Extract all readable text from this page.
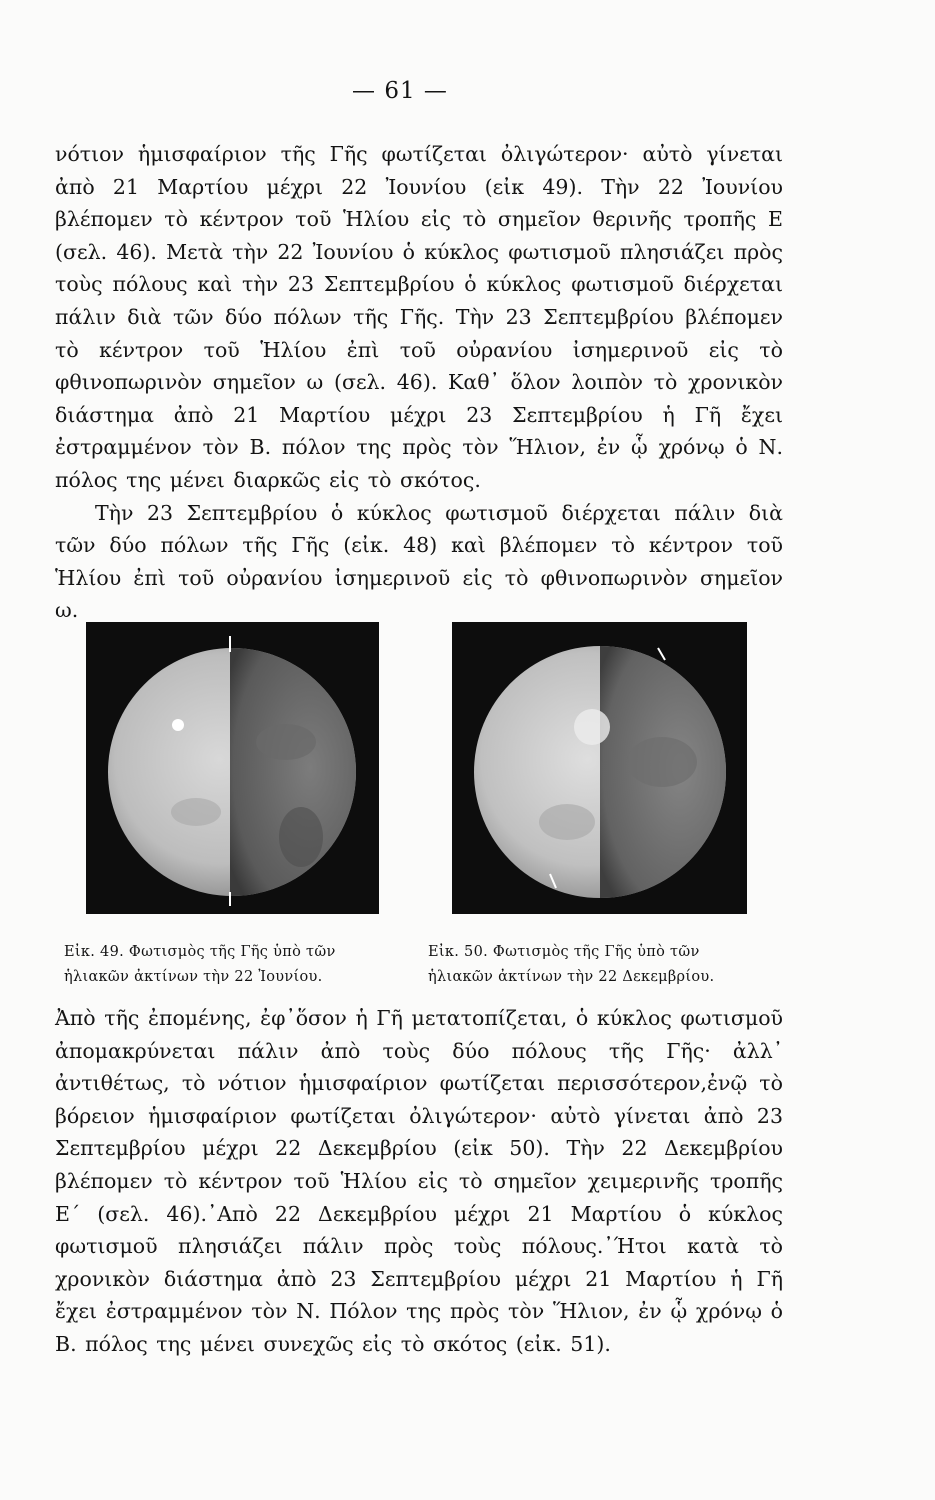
— 61 —

νότιον ἡμισφαίριον τῆς Γῆς φωτίζεται ὀλιγώτερον· αὐτὸ γίνεται ἀπὸ 21 Μαρτίου μέχρι 22 Ἰουνίου (εἰκ 49). Τὴν 22 Ἰουνίου βλέπομεν τὸ κέντρον τοῦ Ἡλίου εἰς τὸ σημεῖον θερινῆς τροπῆς Ε (σελ. 46). Μετὰ τὴν 22 Ἰουνίου ὁ κύκλος φωτισμοῦ πλησιάζει πρὸς τοὺς πόλους καὶ τὴν 23 Σεπτεμβρίου ὁ κύκλος φωτισμοῦ διέρχεται πάλιν διὰ τῶν δύο πόλων τῆς Γῆς. Τὴν 23 Σεπτεμβρίου βλέπομεν τὸ κέντρον τοῦ Ἡλίου ἐπὶ τοῦ οὐρανίου ἰσημερινοῦ εἰς τὸ φθινοπωρινὸν σημεῖον ω (σελ. 46). Καθ᾽ ὅλον λοιπὸν τὸ χρονικὸν διάστημα ἀπὸ 21 Μαρτίου μέχρι 23 Σεπτεμβρίου ἡ Γῆ ἔχει ἐστραμμένον τὸν Β. πόλον της πρὸς τὸν Ἥλιον, ἐν ᾧ χρόνῳ ὁ Ν. πόλος της μένει διαρκῶς εἰς τὸ σκότος.
Τὴν 23 Σεπτεμβρίου ὁ κύκλος φωτισμοῦ διέρχεται πάλιν διὰ τῶν δύο πόλων τῆς Γῆς (εἰκ. 48) καὶ βλέπομεν τὸ κέντρον τοῦ Ἡλίου ἐπὶ τοῦ οὐρανίου ἰσημερινοῦ εἰς τὸ φθινοπωρινὸν σημεῖον ω.

Εἰκ. 49. Φωτισμὸς τῆς Γῆς ὑπὸ τῶν
ἡλιακῶν ἀκτίνων τὴν 22 Ἰουνίου.
Εἰκ. 50. Φωτισμὸς τῆς Γῆς ὑπὸ τῶν
ἡλιακῶν ἀκτίνων τὴν 22 Δεκεμβρίου.

Ἀπὸ τῆς ἐπομένης, ἐφ᾽ὅσον ἡ Γῆ μετατοπίζεται, ὁ κύκλος φωτισμοῦ ἀπομακρύνεται πάλιν ἀπὸ τοὺς δύο πόλους τῆς Γῆς· ἀλλ᾽ ἀντιθέτως, τὸ νότιον ἡμισφαίριον φωτίζεται περισσότερον,ἐνῷ τὸ βόρειον ἡμισφαίριον φωτίζεται ὀλιγώτερον· αὐτὸ γίνεται ἀπὸ 23 Σεπτεμβρίου μέχρι 22 Δεκεμβρίου (εἰκ 50). Τὴν 22 Δεκεμβρίου βλέπομεν τὸ κέντρον τοῦ Ἡλίου εἰς τὸ σημεῖον χειμερινῆς τροπῆς Ε΄ (σελ. 46).᾽Απὸ 22 Δεκεμβρίου μέχρι 21 Μαρτίου ὁ κύκλος φωτισμοῦ πλησιάζει πάλιν πρὸς τοὺς πόλους.᾽Ήτοι κατὰ τὸ χρονικὸν διάστημα ἀπὸ 23 Σεπτεμβρίου μέχρι 21 Μαρτίου ἡ Γῆ ἔχει ἐστραμμένον τὸν Ν. Πόλον της πρὸς τὸν Ἥλιον, ἐν ᾧ χρόνῳ ὁ Β. πόλος της μένει συνεχῶς εἰς τὸ σκότος (εἰκ. 51).
